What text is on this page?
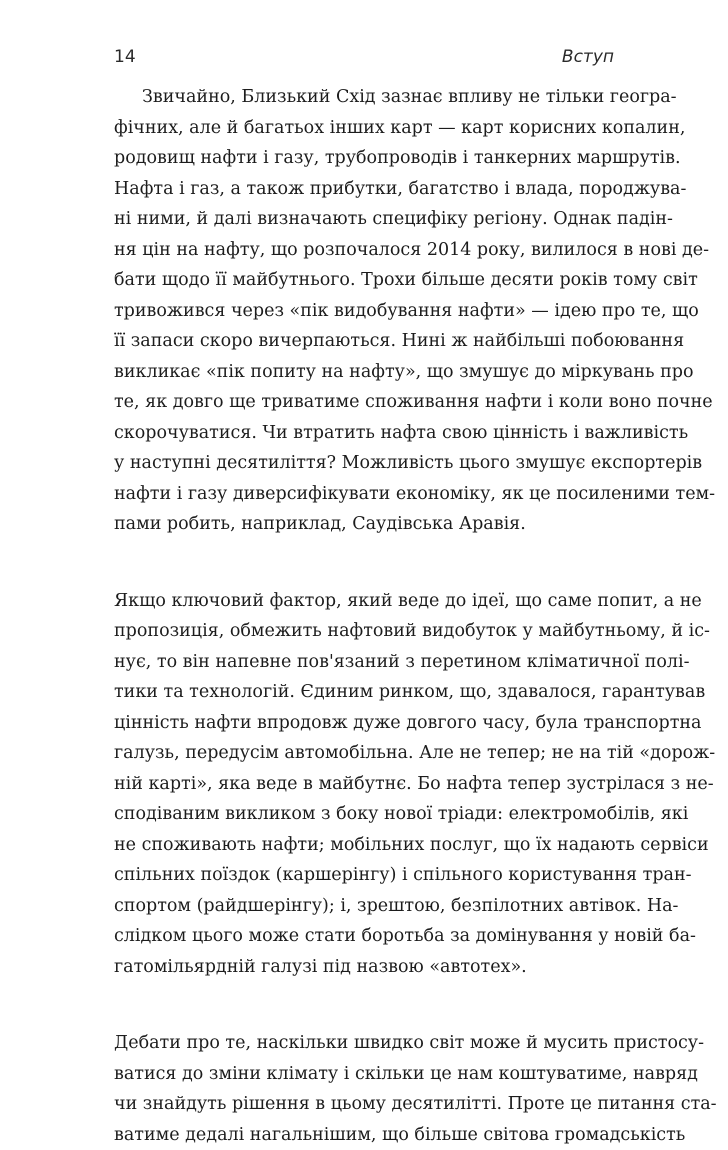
14	Вступ
Звичайно, Близький Схід зазнає впливу не тільки геогра-
фічних, але й багатьох інших карт — карт корисних копалин,
родовищ нафти і газу, трубопроводів і танкерних маршрутів.
Нафта і газ, а також прибутки, багатство і влада, породжува-
ні ними, й далі визначають специфіку регіону. Однак падін-
ня цін на нафту, що розпочалося 2014 року, вилилося в нові де-
бати щодо її майбутнього. Трохи більше десяти років тому світ
тривожився через «пік видобування нафти» — ідею про те, що
її запаси скоро вичерпаються. Нині ж найбільші побоювання
викликає «пік попиту на нафту», що змушує до міркувань про
те, як довго ще триватиме споживання нафти і коли воно почне
скорочуватися. Чи втратить нафта свою цінність і важливість
у наступні десятиліття? Можливість цього змушує експортерів
нафти і газу диверсифікувати економіку, як це посиленими тем-
пами робить, наприклад, Саудівська Аравія.
Якщо ключовий фактор, який веде до ідеї, що саме попит, а не
пропозиція, обмежить нафтовий видобуток у майбутньому, й іс-
нує, то він напевне пов'язаний з перетином кліматичної полі-
тики та технологій. Єдиним ринком, що, здавалося, гарантував
цінність нафти впродовж дуже довгого часу, була транспортна
галузь, передусім автомобільна. Але не тепер; не на тій «дорож-
ній карті», яка веде в майбутнє. Бо нафта тепер зустрілася з не-
сподіваним викликом з боку нової тріади: електромобілів, які
не споживають нафти; мобільних послуг, що їх надають сервіси
спільних поїздок (каршерінгу) і спільного користування тран-
спортом (райдшерінгу); і, зрештою, безпілотних автівок. На-
слідком цього може стати боротьба за домінування у новій ба-
гатомільярдній галузі під назвою «автотех».
Дебати про те, наскільки швидко світ може й мусить пристосу-
ватися до зміни клімату і скільки це нам коштуватиме, навряд
чи знайдуть рішення в цьому десятилітті. Проте це питання ста-
ватиме дедалі нагальнішим, що більше світова громадськість
